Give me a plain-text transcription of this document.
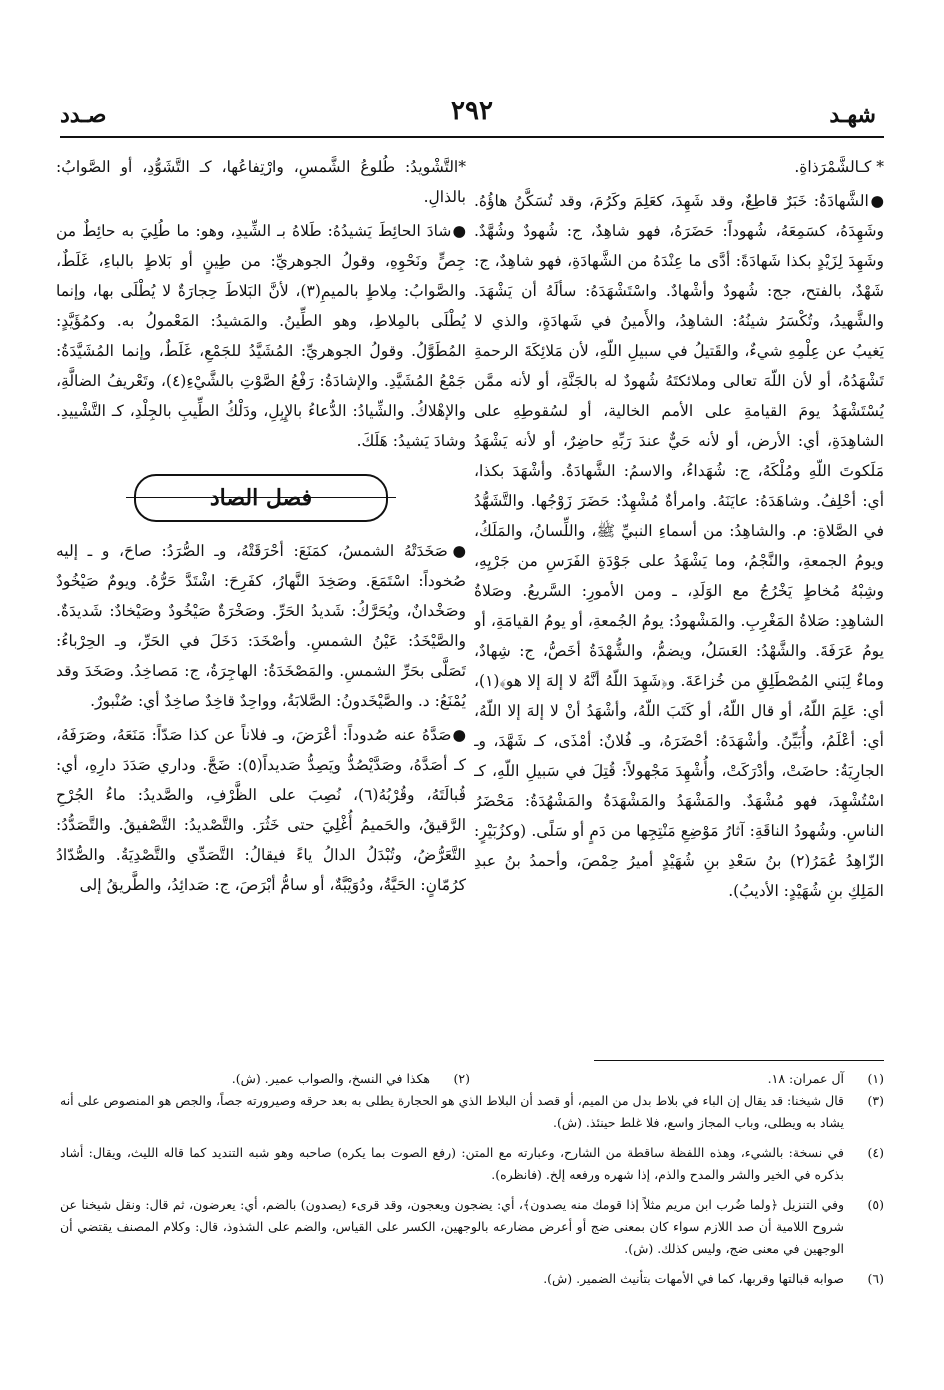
شهـد
٢٩٢
صـدد

* كـالشَّمْرَذاةِ.

●الشَّهادَةُ: خَبَرٌ قاطِعٌ، وقد شَهِدَ، كعَلِمَ وكَرُمَ، وقد تُسَكَّنُ هاؤُهُ. وشَهِدَهُ، كسَمِعَهُ، شُهوداً: حَضَرَهُ، فهو شاهِدٌ، ج: شُهودٌ وشُهَّدٌ. وشَهِدَ لِزَيْدٍ بكذا شَهادَةً: أدَّى ما عِنْدَهُ من الشَّهادَةِ، فهو شاهِدٌ، ج: شَهْدٌ، بالفتح، جج: شُهودٌ وأشْهادٌ. واسْتَشْهَدَهُ: سألَهُ أن يَشْهَدَ. والشَّهيدُ، وتُكْسَرُ شينُهُ: الشاهِدُ، والأَمينُ في شَهادَةٍ، والذي لا يَغيبُ عن عِلْمِهِ شيءٌ، والقَتيلُ في سبيلِ اللّهِ، لأن مَلائِكَةَ الرحمةِ تَشْهَدُهُ، أو لأن اللّهَ تعالى وملائكتَهُ شُهودٌ له بالجَنَّةِ، أو لأنه ممَّن يُسْتَشْهَدُ يومَ القيامةِ على الأمم الخالية، أو لسُقوطِهِ على الشاهِدَةِ، أي: الأرض، أو لأنه حَيٌّ عندَ رَبِّهِ حاضِرٌ، أو لأنه يَشْهَدُ مَلَكوتَ اللّهِ ومُلْكَهُ، ج: شُهَداءُ، والاسمُ: الشَّهادَةُ. وأشْهَدَ بكذا، أي: أحْلِفُ. وشاهَدَهُ: عايَنَهُ. وامرأةٌ مُشْهِدٌ: حَضَرَ زَوْجُها. والتَّشَهُّدُ في الصَّلاةِ: م. والشاهِدُ: من أسماءِ النبيِّ ﷺ، واللِّسانُ، والمَلَكُ، ويومُ الجمعةِ، والنَّجْمُ، وما يَشْهَدُ على جَوْدَةِ الفَرَسِ من جَرْيِهِ، وشِبْهُ مُخاطٍ يَخْرُجُ مع الوَلَدِ، ـ ومن الأمورِ: السَّريعُ. وصَلاةُ الشاهِدِ: صَلاةُ المَغْرِبِ. والمَشْهودُ: يومُ الجُمعةِ، أو يومُ القيامَةِ، أو يومُ عَرَفَةَ. والشَّهْدُ: العَسَلُ، ويضمُّ، والشُّهْدَةُ أخَصُّ، ج: شِهادٌ، وماءٌ لِبَني المُصْطَلِقِ من خُزاعَةَ. و﴿شَهِدَ اللّهُ أنَّهُ لا إلهَ إلا هو﴾(١)، أي: عَلِمَ اللّهُ، أو قال اللّهُ، أو كَتَبَ اللّهُ، وأشْهَدُ أنْ لا إلهَ إلا اللّهُ، أي: أعْلَمُ، وأُبَيِّنُ. وأشْهَدَهُ: أحْضَرَهُ، وـ فُلانٌ: أمْذَى، كـ شَهَّدَ، وـ الجارِيَةُ: حاضَتْ، وأدْرَكَتْ، وأُشْهِدَ مَجْهولاً: قُتِلَ في سَبيلِ اللّهِ، كـ اسْتُشْهِدَ، فهو مُشْهَدٌ. والمَشْهَدُ والمَشْهَدَةُ والمَشْهُدَةُ: مَحْضَرُ الناسِ. وشُهودُ الناقَةِ: آثارُ مَوْضِعِ مَنْتِجِها من دَمٍ أو سَلًى. (وكزُبَيْرٍ: الزّاهِدُ عُمَرُ(٢) بنُ سَعْدِ بنِ شُهَيْدٍ أميرُ حِمْصَ، وأحمدُ بنُ عبدِ المَلِكِ بنِ شُهَيْدٍ: الأديبُ).

*التَّشْويدُ: طُلوعُ الشَّمسِ، وارْتِفاعُها، كـ التَّشَوُّدِ، أو الصَّوابُ: بالذالِ.

●شادَ الحائِطَ يَشيدُهُ: طَلاهُ بـ الشِّيدِ، وهو: ما طُلِيَ به حائِطٌ من جِصٍّ ونَحْوِهِ، وقولُ الجوهريِّ: من طِينٍ أو بَلاطٍ بالباءِ، غَلَطٌ، والصَّوابُ: مِلاطٍ بالميمِ(٣)، لأنَّ البَلاطَ حِجارَةٌ لا يُطْلَى بها، وإنما يُطْلَى بالمِلاطِ، وهو الطِّينُ. والمَشيدُ: المَعْمولُ به. وكمُؤَيَّدٍ: المُطَوَّلُ. وقولُ الجوهريِّ: المُشَيَّدُ للجَمْعِ، غَلَطٌ، وإنما المُشَيَّدَةُ: جَمْعُ المُشَيَّدِ. والإشادَةُ: رَفْعُ الصَّوْتِ بالشَّيْءِ(٤)، وتَعْريفُ الضالَّةِ، والإهْلاكُ. والشِّيادُ: الدُّعاءُ بالإِبِلِ، ودَلْكُ الطِّيبِ بالجِلْدِ، كـ التَّشْييدِ. وشادَ يَشيدُ: هَلَكَ.

فصل الصاد

●صَخَدَتْهُ الشمسُ، كمَنَعَ: أحْرَقَتْهُ، وـ الصُّرَدُ: صاحَ، و ـ إليه صُخوداً: اسْتَمَعَ. وصَخِدَ النَّهارُ، كفَرِحَ: اشْتَدَّ حَرُّهُ. ويومٌ صَيْخُودٌ وصَخْدانٌ، ويُحَرَّكُ: شَديدُ الحَرِّ. وصَخْرَةٌ صَيْخُودٌ وصَيْخادٌ: شَديدَةٌ. والصَّيْخَدُ: عَيْنُ الشمسِ. وأصْخَدَ: دَخَلَ في الحَرِّ، وـ الحِرْباءُ: تَصَلَّى بحَرِّ الشمسِ. والمَصْخَدَةُ: الهاجِرَةُ، ج: مَصاخِدُ. وصَخَدَ وقد يُمْنَعُ: د. والصَّيْخَدونُ: الصَّلابَةُ، وواحِدٌ قاخِدٌ صاخِدٌ أي: صُنْبورٌ.

●صَدَّهُ عنه صُدوداً: أعْرَضَ، وـ فلاناً عن كذا صَدّاً: مَنَعَهُ، وصَرَفَهُ، كـ أصَدَّهُ، وصَدَّيْصُدُّ ويَصِدُّ صَديداً(٥): ضَجَّ. وداري صَدَدَ دارِهِ، أي: قُبالَتَهُ، وقُرْبُهُ(٦)، نُصِبَ على الظَّرْفِ، والصَّديدُ: ماءُ الجُرْحِ الرَّقيقُ، والحَميمُ أُغْلِيَ حتى خَثُرَ. والتَّصْديدُ: التَّصْفيقُ. والتَّصَدُّدُ: التَّعَرُّضُ، وتُبْدَلُ الدالُ ياءً فيقالُ: التَّصَدِّي والتَّصْدِيَةُ. والصُّدّادُ كرُمّانٍ: الحَيَّةُ، ودُوَيْبَّةٌ، أو سامُّ أبْرَصَ، ج: صَدائِدُ، والطَّريقُ إلى

(١)
آل عمران: ١٨.
(٢)
هكذا في النسخ، والصواب عمير. (ش).
(٣)
قال شيخنا: قد يقال إن الباء في بلاط بدل من الميم، أو قصد أن البلاط الذي هو الحجارة يطلى به بعد حرقه وصيرورته جصاً، والجص هو المنصوص على أنه يشاد به ويطلى، وباب المجاز واسع، فلا غلط حينئذ. (ش).
(٤)
في نسخة: بالشيء، وهذه اللفظة ساقطة من الشارح، وعبارته مع المتن: (رفع الصوت بما يكره) صاحبه وهو شبه التنديد كما قاله الليث، ويقال: أشاد بذكره في الخير والشر والمدح والذم، إذا شهره ورفعه إلخ. (فانظره).
(٥)
وفي التنزيل ﴿ولما ضُرب ابن مريم مثلاً إذا قومك منه يصدون﴾، أي: يضجون ويعجون، وقد قرىء (يصدون) بالضم، أي: يعرضون، ثم قال: ونقل شيخنا عن شروح اللامية أن صد اللازم سواء كان بمعنى ضج أو أعرض مضارعه بالوجهين، الكسر على القياس، والضم على الشذوذ، قال: وكلام المصنف يقتضي أن الوجهين في معنى ضج، وليس كذلك. (ش).
(٦)
صوابه قبالتها وقربها، كما في الأمهات بتأنيث الضمير. (ش).
